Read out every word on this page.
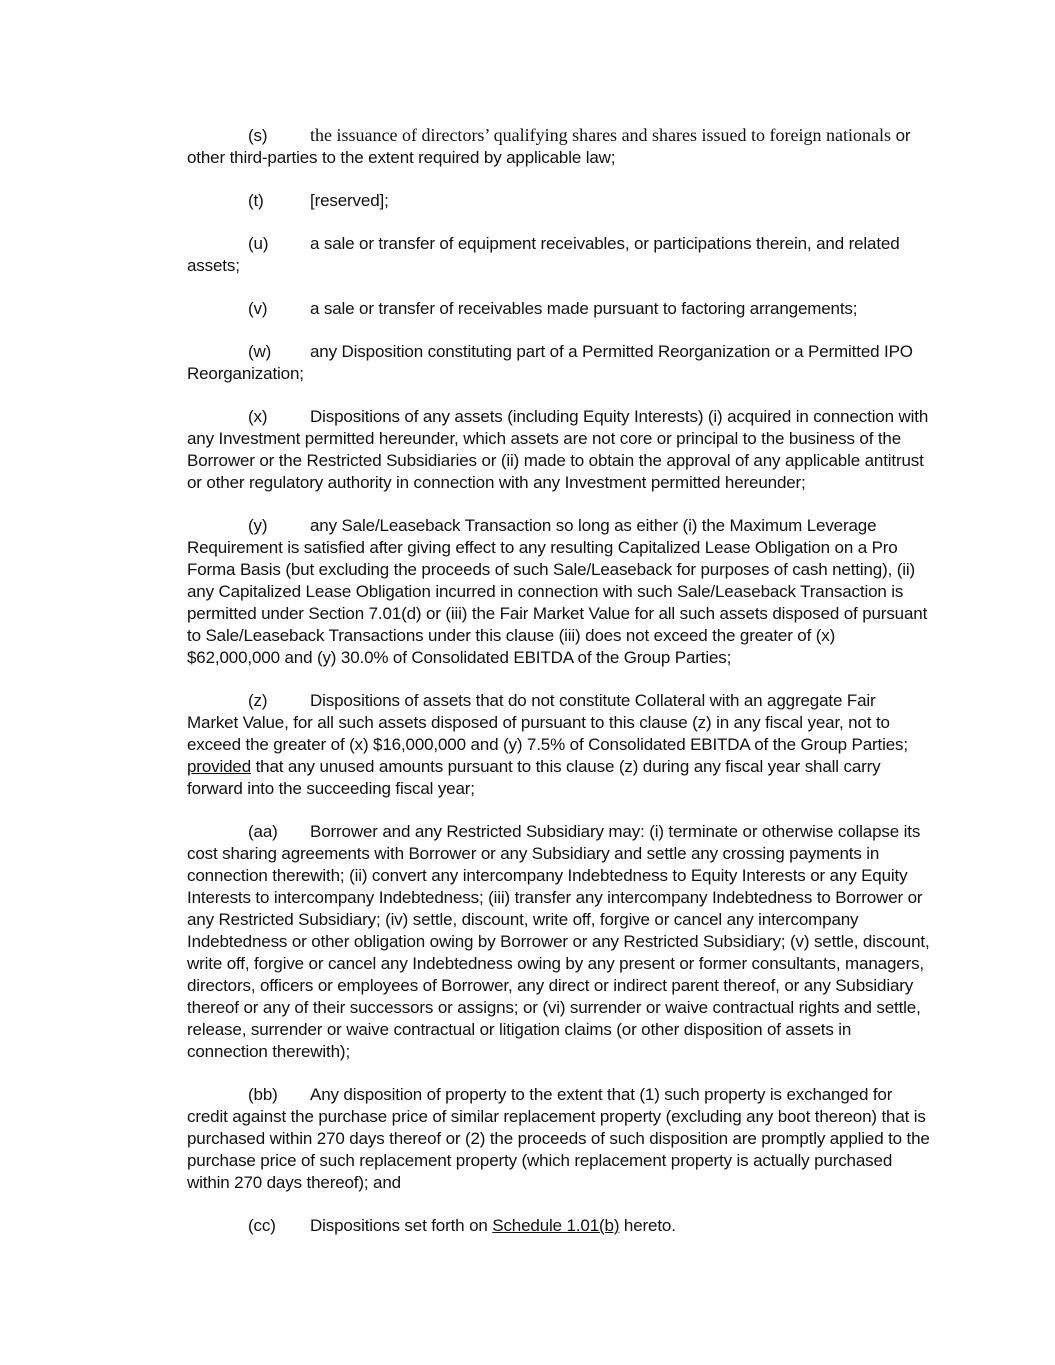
(s) the issuance of directors’ qualifying shares and shares issued to foreign nationals or other third-parties to the extent required by applicable law;

(t)	[reserved];

(u) a sale or transfer of equipment receivables, or participations therein, and related assets;

(v)	a sale or transfer of receivables made pursuant to factoring arrangements;

(w) any Disposition constituting part of a Permitted Reorganization or a Permitted IPO Reorganization;

(x)	Dispositions of any assets (including Equity Interests) (i) acquired in connection with any Investment permitted hereunder, which assets are not core or principal to the business of the Borrower or the Restricted Subsidiaries or (ii) made to obtain the approval of any applicable antitrust or other regulatory authority in connection with any Investment permitted hereunder;

(y)	any Sale/Leaseback Transaction so long as either (i) the Maximum Leverage Requirement is satisfied after giving effect to any resulting Capitalized Lease Obligation on a Pro Forma Basis (but excluding the proceeds of such Sale/Leaseback for purposes of cash netting), (ii) any Capitalized Lease Obligation incurred in connection with such Sale/Leaseback Transaction is permitted under Section 7.01(d) or (iii) the Fair Market Value for all such assets disposed of pursuant to Sale/Leaseback Transactions under this clause (iii) does not exceed the greater of (x) $62,000,000 and (y) 30.0% of Consolidated EBITDA of the Group Parties;

(z)	Dispositions of assets that do not constitute Collateral with an aggregate Fair Market Value, for all such assets disposed of pursuant to this clause (z) in any fiscal year, not to exceed the greater of (x) $16,000,000 and (y) 7.5% of Consolidated EBITDA of the Group Parties; provided that any unused amounts pursuant to this clause (z) during any fiscal year shall carry forward into the succeeding fiscal year;

(aa) Borrower and any Restricted Subsidiary may: (i) terminate or otherwise collapse its cost sharing agreements with Borrower or any Subsidiary and settle any crossing payments in connection therewith; (ii) convert any intercompany Indebtedness to Equity Interests or any Equity Interests to intercompany Indebtedness; (iii) transfer any intercompany Indebtedness to Borrower or any Restricted Subsidiary; (iv) settle, discount, write off, forgive or cancel any intercompany Indebtedness or other obligation owing by Borrower or any Restricted Subsidiary; (v) settle, discount, write off, forgive or cancel any Indebtedness owing by any present or former consultants, managers, directors, officers or employees of Borrower, any direct or indirect parent thereof, or any Subsidiary thereof or any of their successors or assigns; or (vi) surrender or waive contractual rights and settle, release, surrender or waive contractual or litigation claims (or other disposition of assets in connection therewith);

(bb) Any disposition of property to the extent that (1) such property is exchanged for credit against the purchase price of similar replacement property (excluding any boot thereon) that is purchased within 270 days thereof or (2) the proceeds of such disposition are promptly applied to the purchase price of such replacement property (which replacement property is actually purchased within 270 days thereof); and

(cc) Dispositions set forth on Schedule 1.01(b) hereto.
